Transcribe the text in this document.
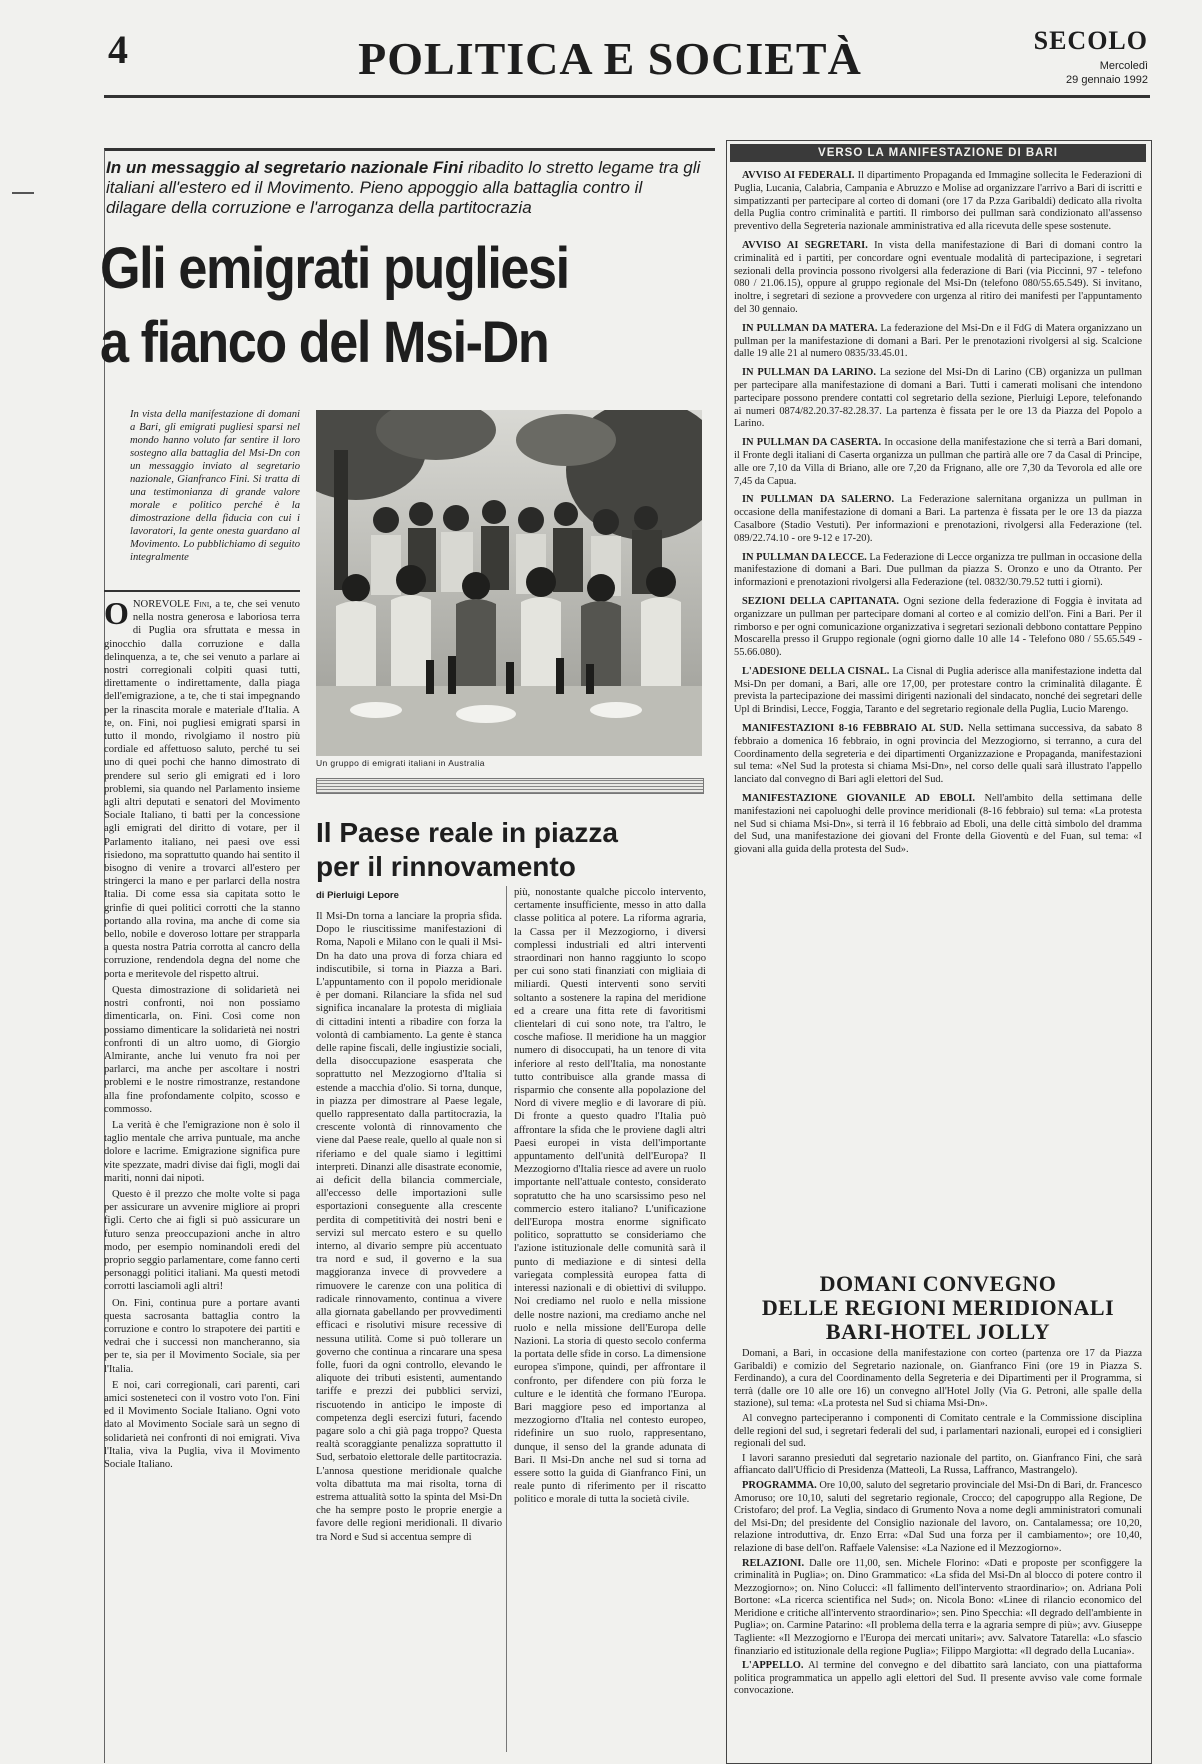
4	POLITICA E SOCIETÀ	SECOLO
Mercoledì
29 gennaio 1992
In un messaggio al segretario nazionale Fini ribadito lo stretto legame tra gli italiani all'estero ed il Movimento. Pieno appoggio alla battaglia contro il dilagare della corruzione e l'arroganza della partitocrazia
Gli emigrati pugliesi
a fianco del Msi-Dn
In vista della manifestazione di domani a Bari, gli emigrati pugliesi sparsi nel mondo hanno voluto far sentire il loro sostegno alla battaglia del Msi-Dn con un messaggio inviato al segretario nazionale, Gianfranco Fini. Si tratta di una testimonianza di grande valore morale e politico perché è la dimostrazione della fiducia con cui i lavoratori, la gente onesta guardano al Movimento. Lo pubblichiamo di seguito integralmente

ONOREVOLE Fini, a te, che sei venuto nella nostra generosa e laboriosa terra di Puglia ora sfruttata e messa in ginocchio dalla corruzione e dalla delinquenza, a te, che sei venuto a parlare ai nostri corregionali colpiti quasi tutti, direttamente o indirettamente, dalla piaga dell'emigrazione, a te, che ti stai impegnando per la rinascita morale e materiale d'Italia. A te, on. Fini, noi pugliesi emigrati sparsi in tutto il mondo, rivolgiamo il nostro più cordiale ed affettuoso saluto, perché tu sei uno di quei pochi che hanno dimostrato di prendere sul serio gli emigrati ed i loro problemi, sia quando nel Parlamento insieme agli altri deputati e senatori del Movimento Sociale Italiano, ti batti per la concessione agli emigrati del diritto di votare, per il Parlamento italiano, nei paesi ove essi risiedono, ma soprattutto quando hai sentito il bisogno di venire a trovarci all'estero per stringerci la mano e per parlarci della nostra Italia. Di come essa sia capitata sotto le grinfie di quei politici corrotti che la stanno portando alla rovina, ma anche di come sia bello, nobile e doveroso lottare per strapparla a questa nostra Patria corrotta al cancro della corruzione, rendendola degna del nome che porta e meritevole del rispetto altrui.

Questa dimostrazione di solidarietà nei nostri confronti, noi non possiamo dimenticarla, on. Fini. Così come non possiamo dimenticare la solidarietà nei nostri confronti di un altro uomo, di Giorgio Almirante, anche lui venuto fra noi per parlarci, ma anche per ascoltare i nostri problemi e le nostre rimostranze, restandone alla fine profondamente colpito, scosso e commosso.

La verità è che l'emigrazione non è solo il taglio mentale che arriva puntuale, ma anche dolore e lacrime. Emigrazione significa pure vite spezzate, madri divise dai figli, mogli dai mariti, nonni dai nipoti.

Questo è il prezzo che molte volte si paga per assicurare un avvenire migliore ai propri figli. Certo che ai figli si può assicurare un futuro senza preoccupazioni anche in altro modo, per esempio nominandoli eredi del proprio seggio parlamentare, come fanno certi personaggi politici italiani. Ma questi metodi corrotti lasciamoli agli altri!

On. Fini, continua pure a portare avanti questa sacrosanta battaglia contro la corruzione e contro lo strapotere dei partiti e vedrai che i successi non mancheranno, sia per te, sia per il Movimento Sociale, sia per l'Italia.

E noi, cari corregionali, cari parenti, cari amici sosteneteci con il vostro voto l'on. Fini ed il Movimento Sociale Italiano. Ogni voto dato al Movimento Sociale sarà un segno di solidarietà nei confronti di noi emigrati. Viva l'Italia, viva la Puglia, viva il Movimento Sociale Italiano.

Un gruppo di emigrati italiani in Australia
Il Paese reale in piazza
per il rinnovamento
di Pierluigi Lepore

Il Msi-Dn torna a lanciare la propria sfida. Dopo le riuscitissime manifestazioni di Roma, Napoli e Milano con le quali il Msi-Dn ha dato una prova di forza chiara ed indiscutibile, si torna in Piazza a Bari. L'appuntamento con il popolo meridionale è per domani. Rilanciare la sfida nel sud significa incanalare la protesta di migliaia di cittadini intenti a ribadire con forza la volontà di cambiamento. La gente è stanca delle rapine fiscali, delle ingiustizie sociali, della disoccupazione esasperata che soprattutto nel Mezzogiorno d'Italia si estende a macchia d'olio. Si torna, dunque, in piazza per dimostrare al Paese legale, quello rappresentato dalla partitocrazia, la crescente volontà di rinnovamento che viene dal Paese reale, quello al quale non si riferiamo e del quale siamo i legittimi interpreti. Dinanzi alle disastrate economie, ai deficit della bilancia commerciale, all'eccesso delle importazioni sulle esportazioni conseguente alla crescente perdita di competitività dei nostri beni e servizi sul mercato estero e su quello interno, al divario sempre più accentuato tra nord e sud, il governo e la sua maggioranza invece di provvedere a rimuovere le carenze con una politica di radicale rinnovamento, continua a vivere alla giornata gabellando per provvedimenti efficaci e risolutivi misure recessive di nessuna utilità. Come si può tollerare un governo che continua a rincarare una spesa folle, fuori da ogni controllo, elevando le aliquote dei tributi esistenti, aumentando tariffe e prezzi dei pubblici servizi, riscuotendo in anticipo le imposte di competenza degli esercizi futuri, facendo pagare solo a chi già paga troppo? Questa realtà scoraggiante penalizza soprattutto il Sud, serbatoio elettorale delle partitocrazia. L'annosa questione meridionale qualche volta dibattuta ma mai risolta, torna di estrema attualità sotto la spinta del Msi-Dn che ha sempre posto le proprie energie a favore delle regioni meridionali. Il divario tra Nord e Sud si accentua sempre di

più, nonostante qualche piccolo intervento, certamente insufficiente, messo in atto dalla classe politica al potere. La riforma agraria, la Cassa per il Mezzogiorno, i diversi complessi industriali ed altri interventi straordinari non hanno raggiunto lo scopo per cui sono stati finanziati con migliaia di miliardi. Questi interventi sono serviti soltanto a sostenere la rapina del meridione ed a creare una fitta rete di favoritismi clientelari di cui sono note, tra l'altro, le cosche mafiose. Il meridione ha un maggior numero di disoccupati, ha un tenore di vita inferiore al resto dell'Italia, ma nonostante tutto contribuisce alla grande massa di risparmio che consente alla popolazione del Nord di vivere meglio e di lavorare di più. Di fronte a questo quadro l'Italia può affrontare la sfida che le proviene dagli altri Paesi europei in vista dell'importante appuntamento dell'unità dell'Europa? Il Mezzogiorno d'Italia riesce ad avere un ruolo importante nell'attuale contesto, considerato sopratutto che ha uno scarsissimo peso nel commercio estero italiano? L'unificazione dell'Europa mostra enorme significato politico, soprattutto se consideriamo che l'azione istituzionale delle comunità sarà il punto di mediazione e di sintesi della variegata complessità europea fatta di interessi nazionali e di obiettivi di sviluppo. Noi crediamo nel ruolo e nella missione delle nostre nazioni, ma crediamo anche nel ruolo e nella missione dell'Europa delle Nazioni. La storia di questo secolo conferma la portata delle sfide in corso. La dimensione europea s'impone, quindi, per affrontare il confronto, per difendere con più forza le culture e le identità che formano l'Europa. Bari maggiore peso ed importanza al mezzogiorno d'Italia nel contesto europeo, ridefinire un suo ruolo, rappresentano, dunque, il senso del la grande adunata di Bari. Il Msi-Dn anche nel sud si torna ad essere sotto la guida di Gianfranco Fini, un reale punto di riferimento per il riscatto politico e morale di tutta la società civile.

VERSO LA MANIFESTAZIONE DI BARI

AVVISO AI FEDERALI. Il dipartimento Propaganda ed Immagine sollecita le Federazioni di Puglia, Lucania, Calabria, Campania e Abruzzo e Molise ad organizzare l'arrivo a Bari di iscritti e simpatizzanti per partecipare al corteo di domani (ore 17 da P.zza Garibaldi) dedicato alla rivolta della Puglia contro criminalità e partiti. Il rimborso dei pullman sarà condizionato all'assenso preventivo della Segreteria nazionale amministrativa ed alla ricevuta delle spese sostenute.

AVVISO AI SEGRETARI. In vista della manifestazione di Bari di domani contro la criminalità ed i partiti, per concordare ogni eventuale modalità di partecipazione, i segretari sezionali della provincia possono rivolgersi alla federazione di Bari (via Piccinni, 97 - telefono 080 / 21.06.15), oppure al gruppo regionale del Msi-Dn (telefono 080/55.65.549). Si invitano, inoltre, i segretari di sezione a provvedere con urgenza al ritiro dei manifesti per l'appuntamento del 30 gennaio.

IN PULLMAN DA MATERA. La federazione del Msi-Dn e il FdG di Matera organizzano un pullman per la manifestazione di domani a Bari. Per le prenotazioni rivolgersi al sig. Scalcione dalle 19 alle 21 al numero 0835/33.45.01.

IN PULLMAN DA LARINO. La sezione del Msi-Dn di Larino (CB) organizza un pullman per partecipare alla manifestazione di domani a Bari. Tutti i camerati molisani che intendono partecipare possono prendere contatti col segretario della sezione, Pierluigi Lepore, telefonando ai numeri 0874/82.20.37-82.28.37. La partenza è fissata per le ore 13 da Piazza del Popolo a Larino.

IN PULLMAN DA CASERTA. In occasione della manifestazione che si terrà a Bari domani, il Fronte degli italiani di Caserta organizza un pullman che partirà alle ore 7 da Casal di Principe, alle ore 7,10 da Villa di Briano, alle ore 7,20 da Frignano, alle ore 7,30 da Tevorola ed alle ore 7,45 da Capua.

IN PULLMAN DA SALERNO. La Federazione salernitana organizza un pullman in occasione della manifestazione di domani a Bari. La partenza è fissata per le ore 13 da piazza Casalbore (Stadio Vestuti). Per informazioni e prenotazioni, rivolgersi alla Federazione (tel. 089/22.74.10 - ore 9-12 e 17-20).

IN PULLMAN DA LECCE. La Federazione di Lecce organizza tre pullman in occasione della manifestazione di domani a Bari. Due pullman da piazza S. Oronzo e uno da Otranto. Per informazioni e prenotazioni rivolgersi alla Federazione (tel. 0832/30.79.52 tutti i giorni).

SEZIONI DELLA CAPITANATA. Ogni sezione della federazione di Foggia è invitata ad organizzare un pullman per partecipare domani al corteo e al comizio dell'on. Fini a Bari. Per il rimborso e per ogni comunicazione organizzativa i segretari sezionali debbono contattare Peppino Moscarella presso il Gruppo regionale (ogni giorno dalle 10 alle 14 - Telefono 080 / 55.65.549 - 55.66.080).

L'ADESIONE DELLA CISNAL. La Cisnal di Puglia aderisce alla manifestazione indetta dal Msi-Dn per domani, a Bari, alle ore 17,00, per protestare contro la criminalità dilagante. È prevista la partecipazione dei massimi dirigenti nazionali del sindacato, nonché dei segretari delle Upl di Brindisi, Lecce, Foggia, Taranto e del segretario regionale della Puglia, Lucio Marengo.

MANIFESTAZIONI 8-16 FEBBRAIO AL SUD. Nella settimana successiva, da sabato 8 febbraio a domenica 16 febbraio, in ogni provincia del Mezzogiorno, si terranno, a cura del Coordinamento della segreteria e dei dipartimenti Organizzazione e Propaganda, manifestazioni sul tema: «Nel Sud la protesta si chiama Msi-Dn», nel corso delle quali sarà illustrato l'appello lanciato dal convegno di Bari agli elettori del Sud.

MANIFESTAZIONE GIOVANILE AD EBOLI. Nell'ambito della settimana delle manifestazioni nei capoluoghi delle province meridionali (8-16 febbraio) sul tema: «La protesta nel Sud si chiama Msi-Dn», si terrà il 16 febbraio ad Eboli, una delle città simbolo del dramma del Sud, una manifestazione dei giovani del Fronte della Gioventù e del Fuan, sul tema: «I giovani alla guida della protesta del Sud».

DOMANI CONVEGNO
DELLE REGIONI MERIDIONALI
BARI-HOTEL JOLLY

Domani, a Bari, in occasione della manifestazione con corteo (partenza ore 17 da Piazza Garibaldi) e comizio del Segretario nazionale, on. Gianfranco Fini (ore 19 in Piazza S. Ferdinando), a cura del Coordinamento della Segreteria e dei Dipartimenti per il Programma, si terrà (dalle ore 10 alle ore 16) un convegno all'Hotel Jolly (Via G. Petroni, alle spalle della stazione), sul tema: «La protesta nel Sud si chiama Msi-Dn».

Al convegno parteciperanno i componenti di Comitato centrale e la Commissione disciplina delle regioni del sud, i segretari federali del sud, i parlamentari nazionali, europei ed i consiglieri regionali del sud.

I lavori saranno presieduti dal segretario nazionale del partito, on. Gianfranco Fini, che sarà affiancato dall'Ufficio di Presidenza (Matteoli, La Russa, Laffranco, Mastrangelo).

PROGRAMMA. Ore 10,00, saluto del segretario provinciale del Msi-Dn di Bari, dr. Francesco Amoruso; ore 10,10, saluti del segretario regionale, Crocco; del capogruppo alla Regione, De Cristofaro; del prof. La Veglia, sindaco di Grumento Nova a nome degli amministratori comunali del Msi-Dn; del presidente del Consiglio nazionale del lavoro, on. Cantalamessa; ore 10,20, relazione introduttiva, dr. Enzo Erra: «Dal Sud una forza per il cambiamento»; ore 10,40, relazione di base dell'on. Raffaele Valensise: «La Nazione ed il Mezzogiorno».

RELAZIONI. Dalle ore 11,00, sen. Michele Florino: «Dati e proposte per sconfiggere la criminalità in Puglia»; on. Dino Grammatico: «La sfida del Msi-Dn al blocco di potere contro il Mezzogiorno»; on. Nino Colucci: «Il fallimento dell'intervento straordinario»; on. Adriana Poli Bortone: «La ricerca scientifica nel Sud»; on. Nicola Bono: «Linee di rilancio economico del Meridione e critiche all'intervento straordinario»; sen. Pino Specchia: «Il degrado dell'ambiente in Puglia»; on. Carmine Patarino: «Il problema della terra e la agraria sempre di più»; avv. Giuseppe Tagliente: «Il Mezzogiorno e l'Europa dei mercati unitari»; avv. Salvatore Tatarella: «Lo sfascio finanziario ed istituzionale della regione Puglia»; Filippo Margiotta: «Il degrado della Lucania».

L'APPELLO. Al termine del convegno e del dibattito sarà lanciato, con una piattaforma politica programmatica un appello agli elettori del Sud. Il presente avviso vale come formale convocazione.
